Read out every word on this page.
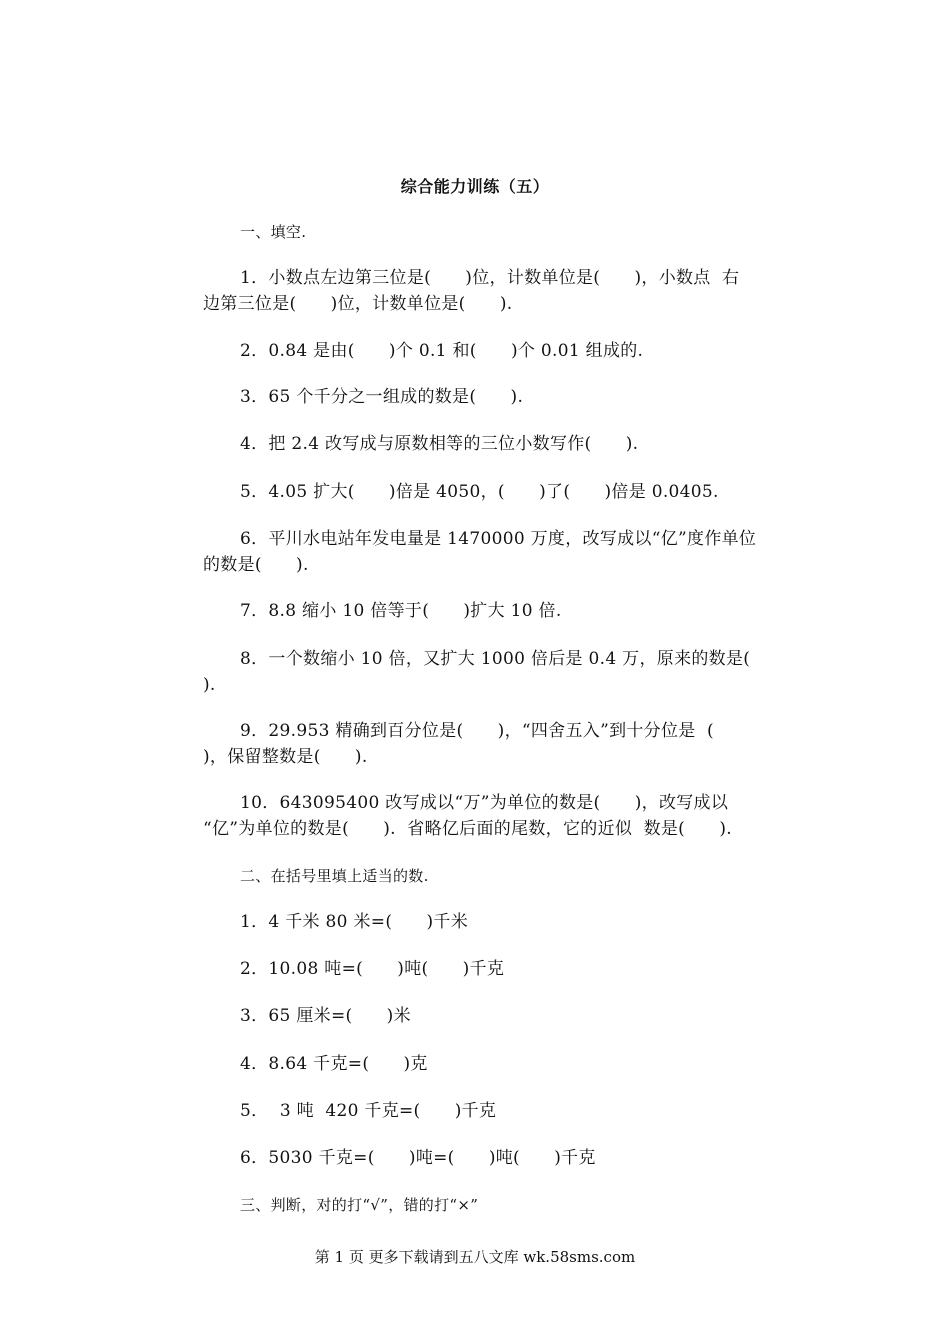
综合能力训练（五）
一、填空.
1．小数点左边第三位是(      )位，计数单位是(      )，小数点  右
边第三位是(      )位，计数单位是(      ).
2．0.84 是由(      )个 0.1 和(      )个 0.01 组成的.
3．65 个千分之一组成的数是(      ).
4．把 2.4 改写成与原数相等的三位小数写作(      ).
5．4.05 扩大(      )倍是 4050，(      )了(      )倍是 0.0405.
6．平川水电站年发电量是 1470000 万度，改写成以“亿”度作单位
的数是(      ).
7．8.8 缩小 10 倍等于(      )扩大 10 倍.
8．一个数缩小 10 倍，又扩大 1000 倍后是 0.4 万，原来的数是(
).
9．29.953 精确到百分位是(      )，“四舍五入”到十分位是  (
)，保留整数是(      ).
10．643095400 改写成以“万”为单位的数是(      )，改写成以
“亿”为单位的数是(      ).  省略亿后面的尾数，它的近似  数是(      ).
二、在括号里填上适当的数.
1．4 千米 80 米=(      )千米
2．10.08 吨=(      )吨(      )千克
3．65 厘米=(      )米
4．8.64 千克=(      )克
5．  3 吨  420 千克=(      )千克
6．5030 千克=(      )吨=(      )吨(      )千克
三、判断，对的打“√”，错的打“×”
第 1 页 更多下载请到五八文库 wk.58sms.com
